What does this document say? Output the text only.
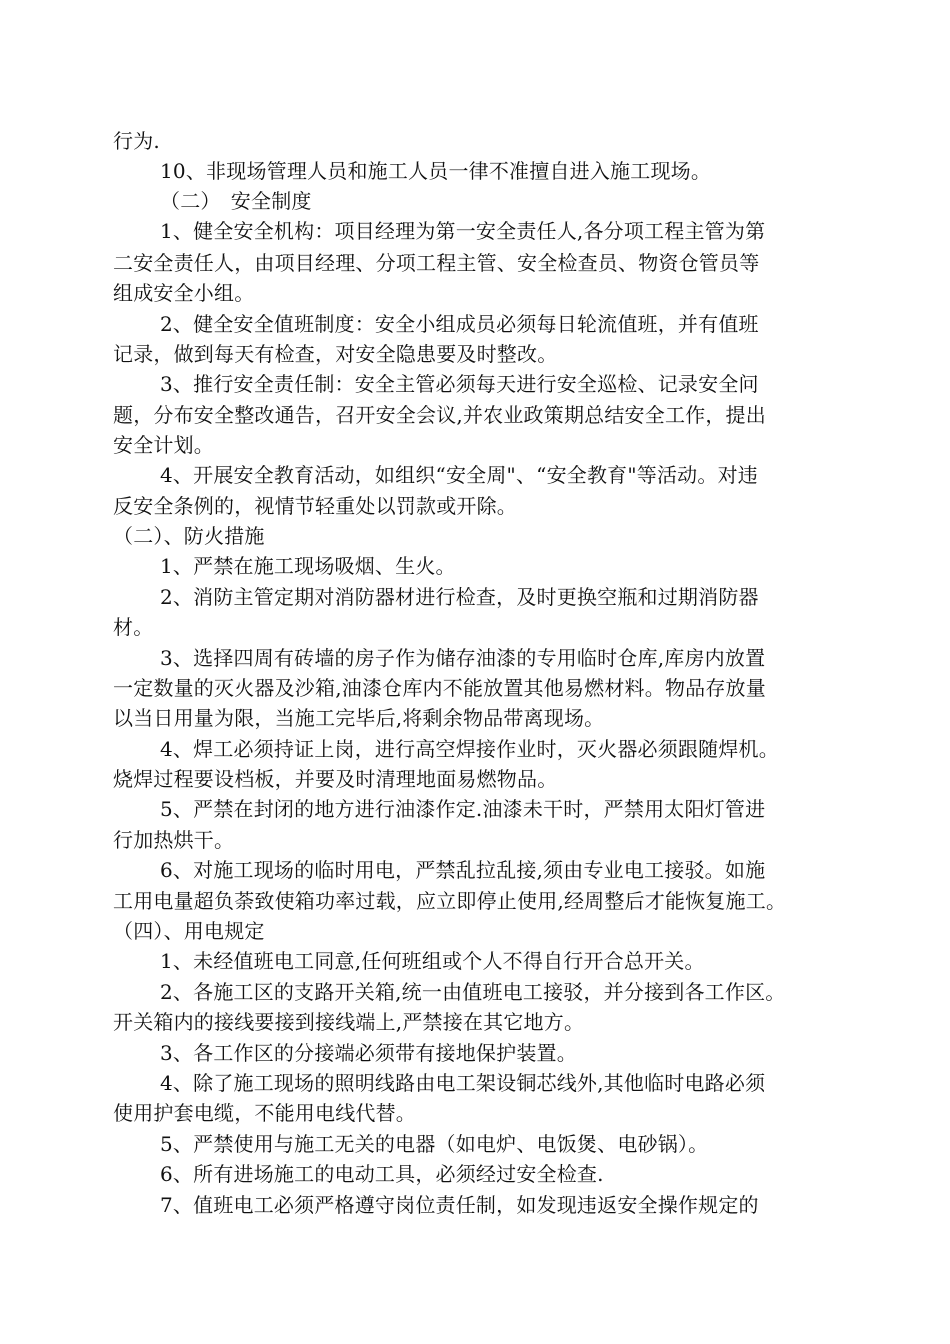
行为.
10、非现场管理人员和施工人员一律不准擅自进入施工现场。
（二）　安全制度
1、健全安全机构：项目经理为第一安全责任人,各分项工程主管为第
二安全责任人，由项目经理、分项工程主管、安全检查员、物资仓管员等
组成安全小组。
2、健全安全值班制度：安全小组成员必须每日轮流值班，并有值班
记录，做到每天有检查，对安全隐患要及时整改。
3、推行安全责任制：安全主管必须每天进行安全巡检、记录安全问
题，分布安全整改通告，召开安全会议,并农业政策期总结安全工作，提出
安全计划。
4、开展安全教育活动，如组织“安全周"、“安全教育"等活动。对违
反安全条例的，视情节轻重处以罚款或开除。
（二）、防火措施
1、严禁在施工现场吸烟、生火。
2、消防主管定期对消防器材进行检查，及时更换空瓶和过期消防器
材。
3、选择四周有砖墙的房子作为储存油漆的专用临时仓库,库房内放置
一定数量的灭火器及沙箱,油漆仓库内不能放置其他易燃材料。物品存放量
以当日用量为限，当施工完毕后,将剩余物品带离现场。
4、焊工必须持证上岗，进行高空焊接作业时，灭火器必须跟随焊机。
烧焊过程要设档板，并要及时清理地面易燃物品。
5、严禁在封闭的地方进行油漆作定.油漆未干时，严禁用太阳灯管进
行加热烘干。
6、对施工现场的临时用电，严禁乱拉乱接,须由专业电工接驳。如施
工用电量超负荼致使箱功率过载，应立即停止使用,经周整后才能恢复施工。
（四）、用电规定
1、未经值班电工同意,任何班组或个人不得自行开合总开关。
2、各施工区的支路开关箱,统一由值班电工接驳，并分接到各工作区。
开关箱内的接线要接到接线端上,严禁接在其它地方。
3、各工作区的分接端必须带有接地保护装置。
4、除了施工现场的照明线路由电工架设铜芯线外,其他临时电路必须
使用护套电缆，不能用电线代替。
5、严禁使用与施工无关的电器（如电炉、电饭煲、电砂锅）。
6、所有进场施工的电动工具，必须经过安全检查.
7、值班电工必须严格遵守岗位责任制，如发现违返安全操作规定的
